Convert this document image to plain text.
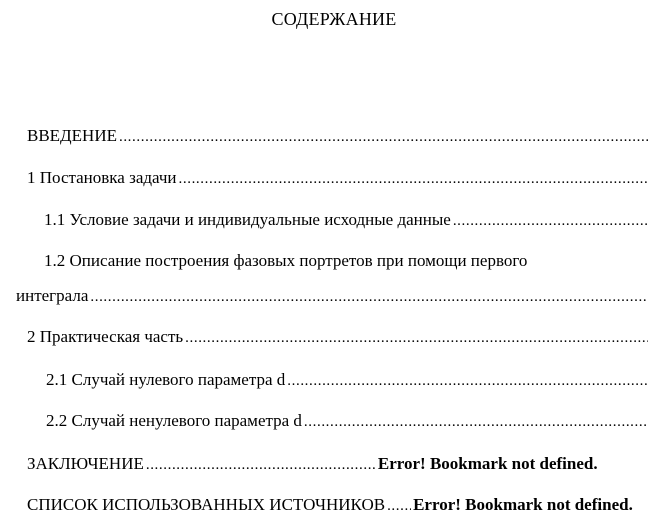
СОДЕРЖАНИЕ
ВВЕДЕНИЕ
.....
1 Постановка задачи
.....
1.1 Условие задачи и индивидуальные исходные данные
.....
1.2 Описание построения фазовых портретов при помощи первого
интеграла
.....
2 Практическая часть
.....
2.1 Случай нулевого параметра d
.....
2.2 Случай ненулевого параметра d
.....
ЗАКЛЮЧЕНИЕ .....	Error! Bookmark not defined.
СПИСОК ИСПОЛЬЗОВАННЫХ ИСТОЧНИКОВ ..... Error! Bookmark not defined.
